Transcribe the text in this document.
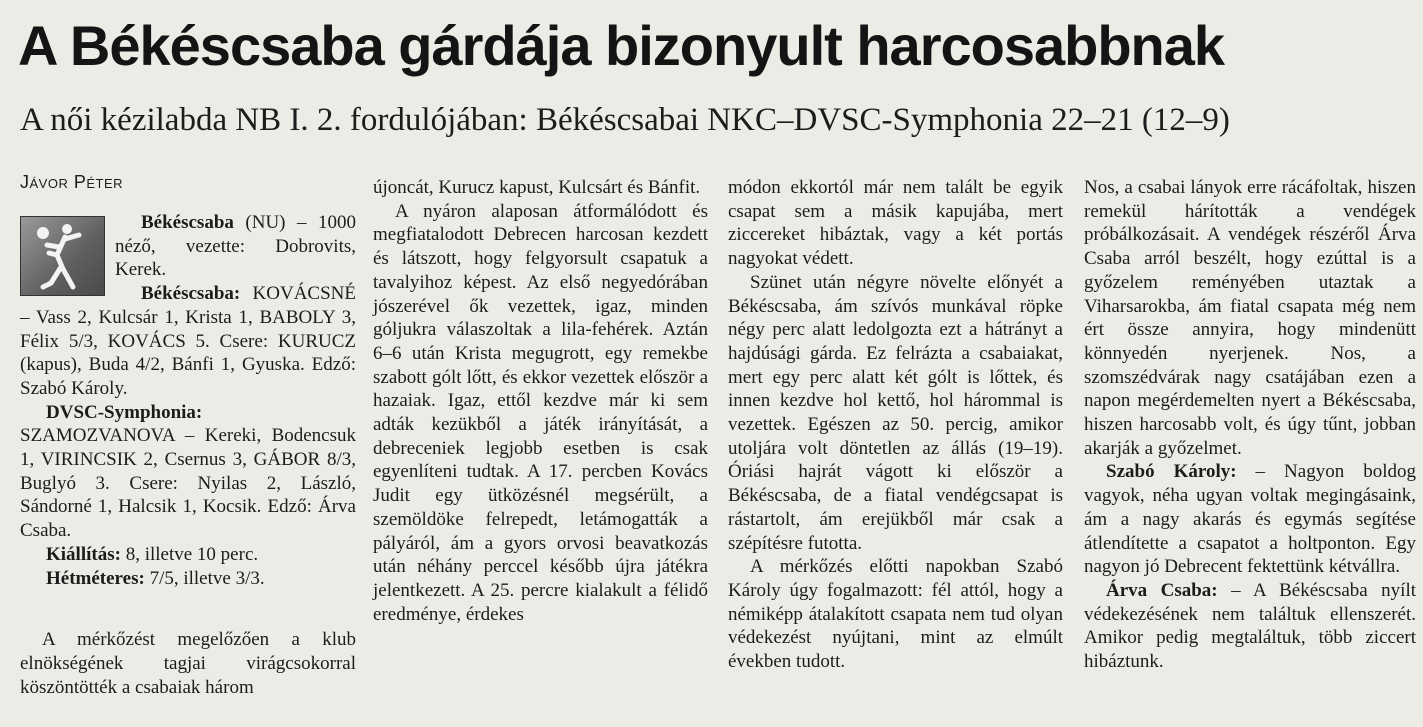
A Békéscsaba gárdája bizonyult harcosabbnak
A női kézilabda NB I. 2. fordulójában: Békéscsabai NKC–DVSC-Symphonia 22–21 (12–9)
Jávor Péter

Békéscsaba (NU) – 1000 néző, vezette: Dobrovits, Kerek.

Békéscsaba: KOVÁCSNÉ – Vass 2, Kulcsár 1, Krista 1, BABOLY 3, Félix 5/3, KOVÁCS 5. Csere: KURUCZ (kapus), Buda 4/2, Bánfi 1, Gyuska. Edző: Szabó Károly.

DVSC-Symphonia: SZAMOZVANOVA – Kereki, Bodencsuk 1, VIRINCSIK 2, Csernus 3, GÁBOR 8/3, Buglyó 3. Csere: Nyilas 2, László, Sándorné 1, Halcsik 1, Kocsik. Edző: Árva Csaba.

Kiállítás: 8, illetve 10 perc.

Hétméteres: 7/5, illetve 3/3.

A mérkőzést megelőzően a klub elnökségének tagjai virágcsokorral köszöntötték a csabaiak három

újoncát, Kurucz kapust, Kulcsárt és Bánfit.

A nyáron alaposan átformálódott és megfiatalodott Debrecen harcosan kezdett és látszott, hogy felgyorsult csapatuk a tavalyihoz képest. Az első negyedórában jószerével ők vezettek, igaz, minden góljukra válaszoltak a lila-fehérek. Aztán 6–6 után Krista megugrott, egy remekbe szabott gólt lőtt, és ekkor vezettek először a hazaiak. Igaz, ettől kezdve már ki sem adták kezükből a játék irányítását, a debreceniek legjobb esetben is csak egyenlíteni tudtak. A 17. percben Kovács Judit egy ütközésnél megsérült, a szemöldöke felrepedt, letámogatták a pályáról, ám a gyors orvosi beavatkozás után néhány perccel később újra játékra jelentkezett. A 25. percre kialakult a félidő eredménye, érdekes

módon ekkortól már nem talált be egyik csapat sem a másik kapujába, mert ziccereket hibáztak, vagy a két portás nagyokat védett.

Szünet után négyre növelte előnyét a Békéscsaba, ám szívós munkával röpke négy perc alatt ledolgozta ezt a hátrányt a hajdúsági gárda. Ez felrázta a csabaiakat, mert egy perc alatt két gólt is lőttek, és innen kezdve hol kettő, hol hárommal is vezettek. Egészen az 50. percig, amikor utoljára volt döntetlen az állás (19–19). Óriási hajrát vágott ki először a Békéscsaba, de a fiatal vendégcsapat is rástartolt, ám erejükből már csak a szépítésre futotta.

A mérkőzés előtti napokban Szabó Károly úgy fogalmazott: fél attól, hogy a némiképp átalakított csapata nem tud olyan védekezést nyújtani, mint az elmúlt években tudott.

Nos, a csabai lányok erre rácáfoltak, hiszen remekül hárították a vendégek próbálkozásait. A vendégek részéről Árva Csaba arról beszélt, hogy ezúttal is a győzelem reményében utaztak a Viharsarokba, ám fiatal csapata még nem ért össze annyira, hogy mindenütt könnyedén nyerjenek. Nos, a szomszédvárak nagy csatájában ezen a napon megérdemelten nyert a Békéscsaba, hiszen harcosabb volt, és úgy tűnt, jobban akarják a győzelmet.

Szabó Károly: – Nagyon boldog vagyok, néha ugyan voltak megingásaink, ám a nagy akarás és egymás segítése átlendítette a csapatot a holtponton. Egy nagyon jó Debrecent fektettünk kétvállra.

Árva Csaba: – A Békéscsaba nyílt védekezésének nem találtuk ellenszerét. Amikor pedig megtaláltuk, több ziccert hibáztunk.
